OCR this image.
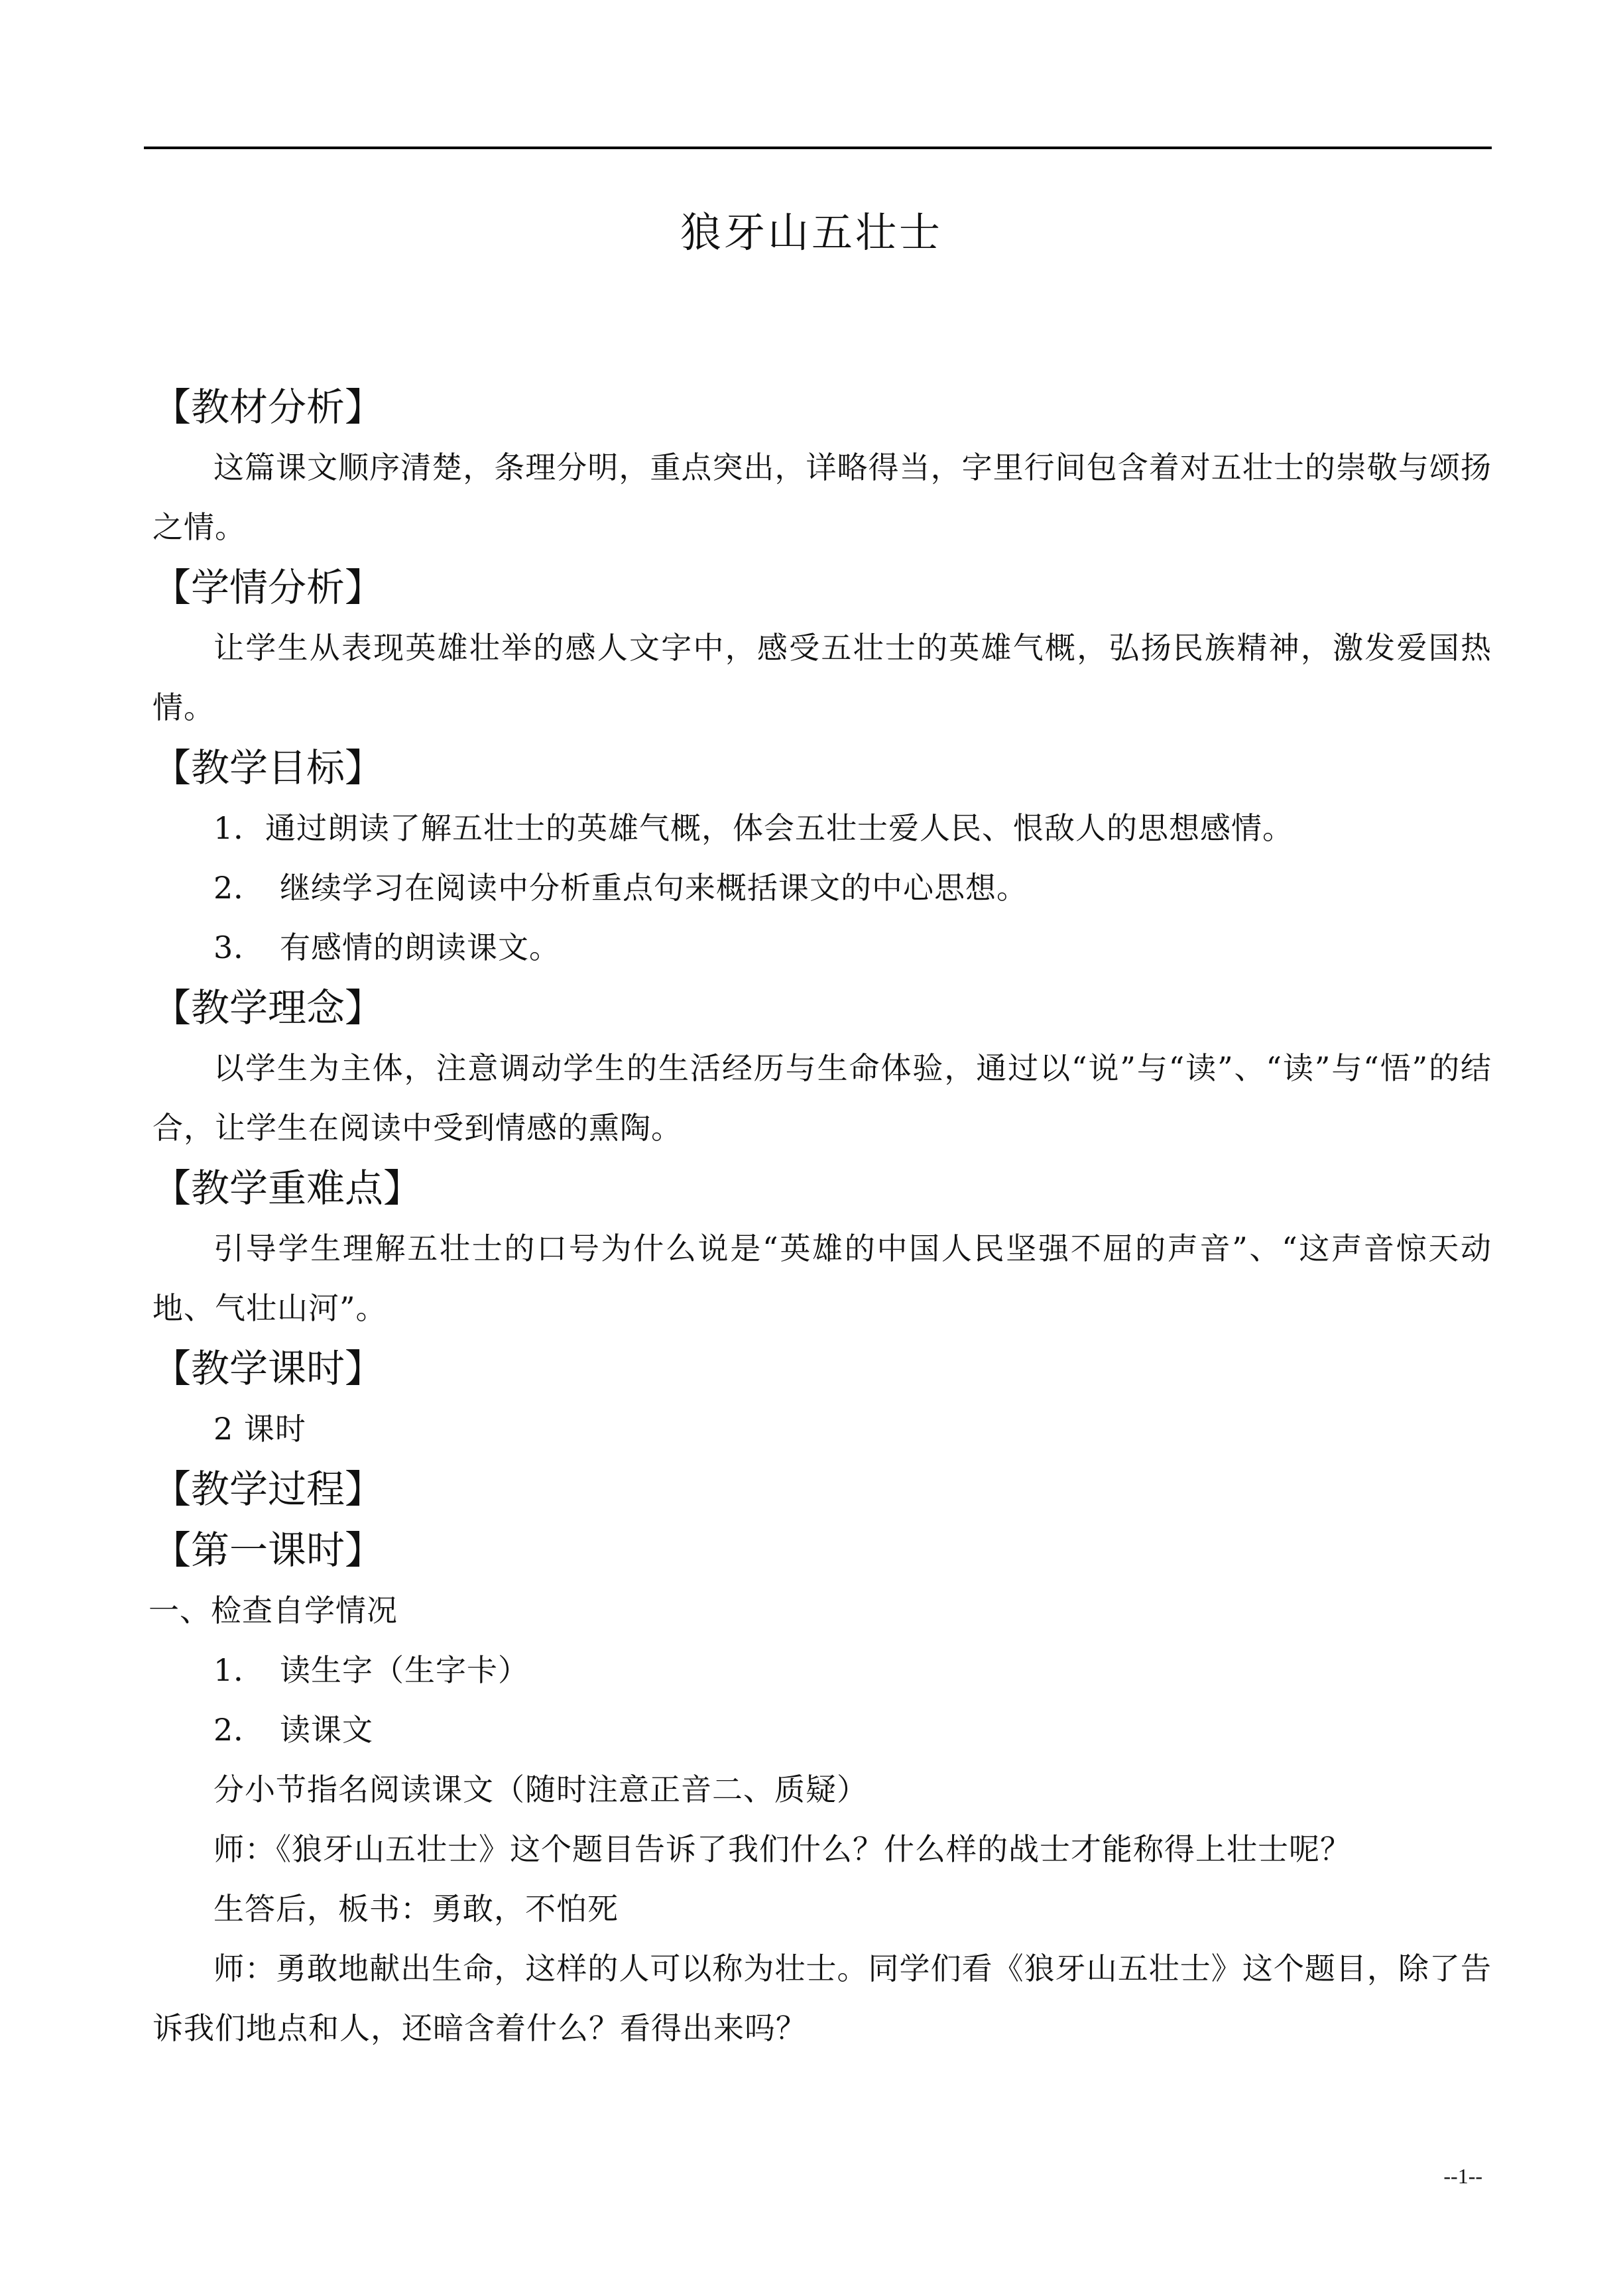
狼牙山五壮士
【教材分析】
这篇课文顺序清楚，条理分明，重点突出，详略得当，字里行间包含着对五壮士的崇敬与颂扬之情。
【学情分析】
让学生从表现英雄壮举的感人文字中，感受五壮士的英雄气概，弘扬民族精神，激发爱国热情。
【教学目标】
1．通过朗读了解五壮士的英雄气概，体会五壮士爱人民、恨敌人的思想感情。
2． 继续学习在阅读中分析重点句来概括课文的中心思想。
3． 有感情的朗读课文。
【教学理念】
以学生为主体，注意调动学生的生活经历与生命体验，通过以“说”与“读”、“读”与“悟”的结合，让学生在阅读中受到情感的熏陶。
【教学重难点】
引导学生理解五壮士的口号为什么说是“英雄的中国人民坚强不屈的声音”、“这声音惊天动地、气壮山河”。
【教学课时】
2 课时
【教学过程】
【第一课时】
一、检查自学情况
1． 读生字（生字卡）
2． 读课文
分小节指名阅读课文（随时注意正音二、质疑）
师：《狼牙山五壮士》这个题目告诉了我们什么？什么样的战士才能称得上壮士呢？
生答后，板书：勇敢，不怕死
师：勇敢地献出生命，这样的人可以称为壮士。同学们看《狼牙山五壮士》这个题目，除了告诉我们地点和人，还暗含着什么？看得出来吗？
--1--
